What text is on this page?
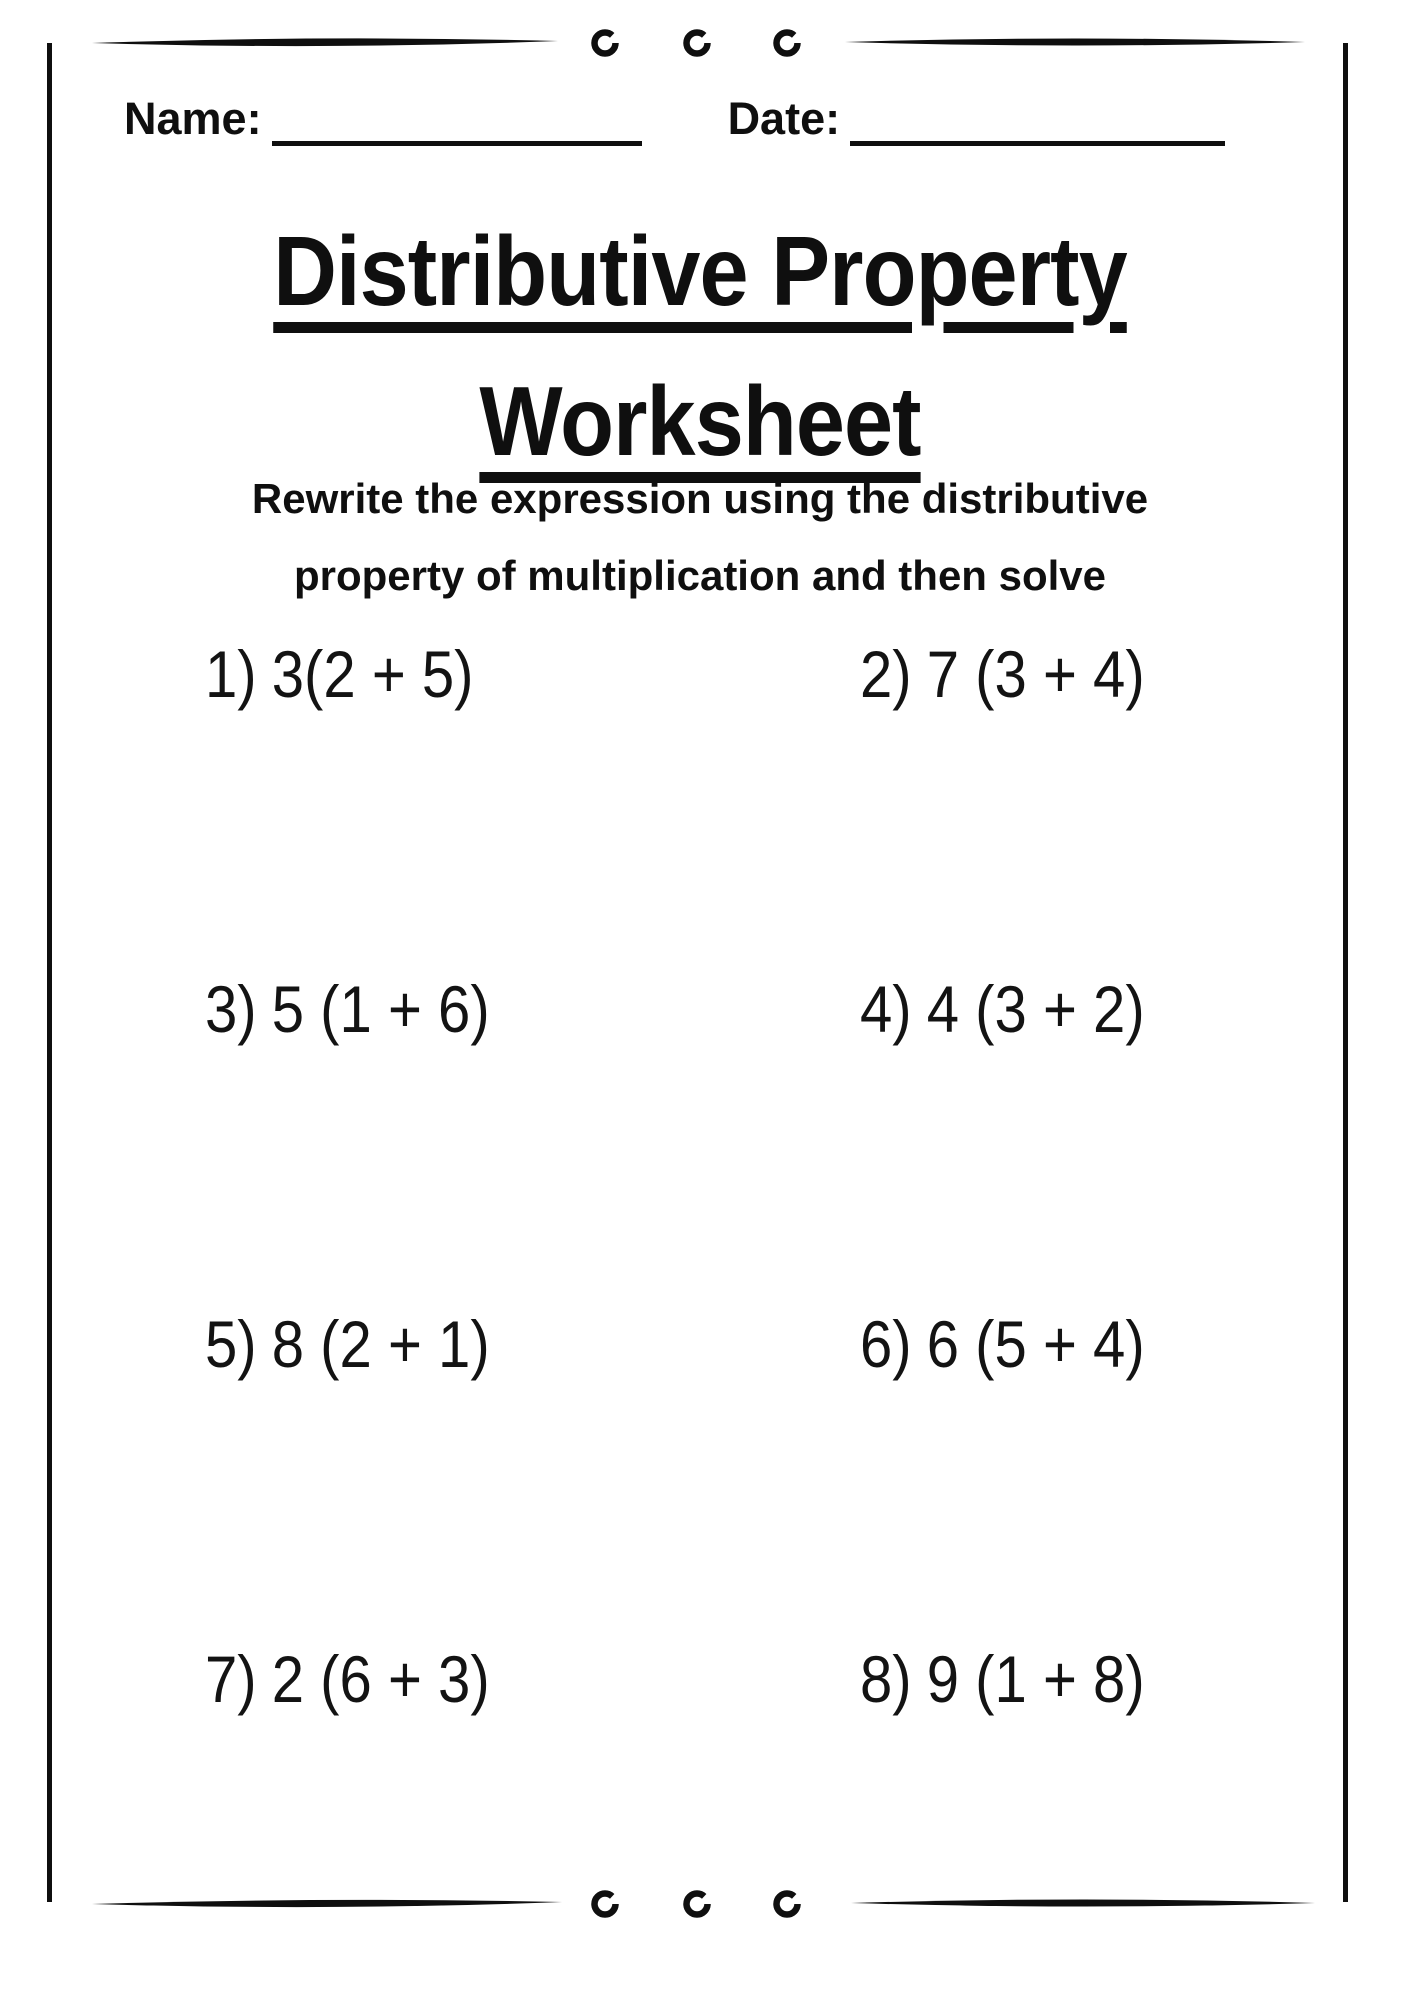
Name:	Date:
Distributive Property
Worksheet
Rewrite the expression using the distributive
property of multiplication and then solve
1) 3(2 + 5)	2) 7 (3 + 4)
3) 5 (1 + 6)	4) 4 (3 + 2)
5) 8 (2 + 1)	6) 6 (5 + 4)
7) 2 (6 + 3)	8) 9 (1 + 8)
